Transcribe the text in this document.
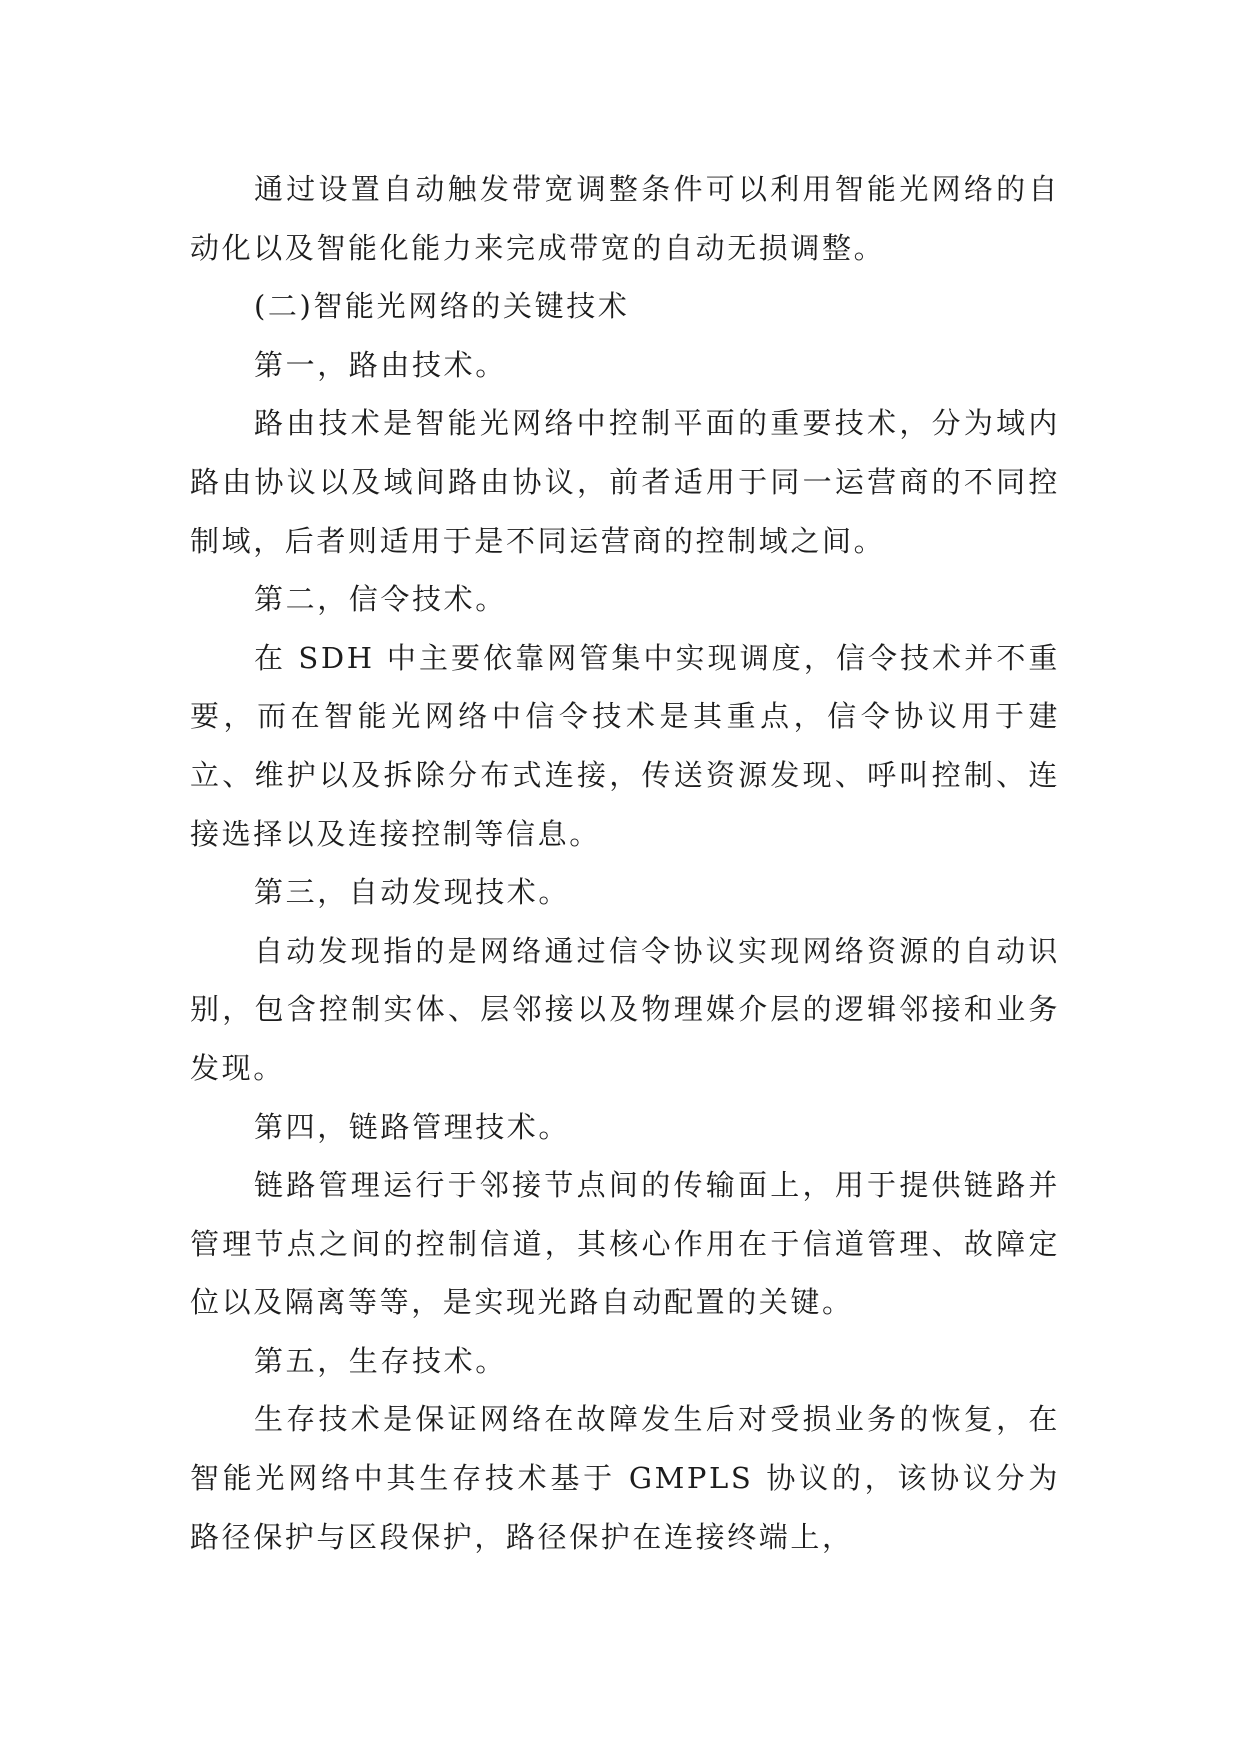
通过设置自动触发带宽调整条件可以利用智能光网络的自动化以及智能化能力来完成带宽的自动无损调整。

(二)智能光网络的关键技术

第一，路由技术。

路由技术是智能光网络中控制平面的重要技术，分为域内路由协议以及域间路由协议，前者适用于同一运营商的不同控制域，后者则适用于是不同运营商的控制域之间。

第二，信令技术。

在 SDH 中主要依靠网管集中实现调度，信令技术并不重要，而在智能光网络中信令技术是其重点，信令协议用于建立、维护以及拆除分布式连接，传送资源发现、呼叫控制、连接选择以及连接控制等信息。

第三，自动发现技术。

自动发现指的是网络通过信令协议实现网络资源的自动识别，包含控制实体、层邻接以及物理媒介层的逻辑邻接和业务发现。

第四，链路管理技术。

链路管理运行于邻接节点间的传输面上，用于提供链路并管理节点之间的控制信道，其核心作用在于信道管理、故障定位以及隔离等等，是实现光路自动配置的关键。

第五，生存技术。

生存技术是保证网络在故障发生后对受损业务的恢复，在智能光网络中其生存技术基于 GMPLS 协议的，该协议分为路径保护与区段保护，路径保护在连接终端上，
